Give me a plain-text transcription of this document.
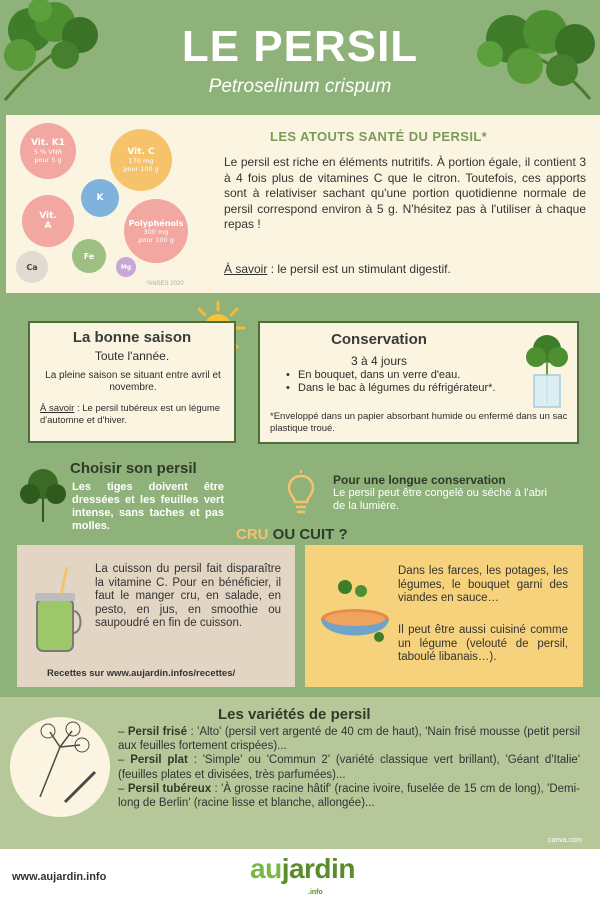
LE PERSIL
Petroselinum crispum
Vit. K1
5 % VNR pour 5 g
Vit. C
170 mg pour 100 g
K
Vit. A	Polyphénols
300 mg pour 100 g
Fe
Ca	Mg
LES ATOUTS SANTÉ DU PERSIL*
Le persil est riche en éléments nutritifs. À portion égale, il contient 3 à 4 fois plus de vitamines C que le citron. Toutefois, ces apports sont à relativiser sachant qu'une portion quotidienne normale de persil correspond environ à 5 g. N'hésitez pas à l'utiliser à chaque repas !
À savoir : le persil est un stimulant digestif.
*ANSES 2020
La bonne saison
Toute l'année.
La pleine saison se situant entre avril et novembre.
À savoir : Le persil tubéreux est un légume d'automne et d'hiver.
Conservation
3 à 4 jours
• En bouquet, dans un verre d'eau.
• Dans le bac à légumes du réfrigérateur*.
*Enveloppé dans un papier absorbant humide ou enfermé dans un sac plastique troué.
Choisir son persil
Les tiges doivent être dressées et les feuilles vert intense, sans taches et pas molles.
Pour une longue conservation
Le persil peut être congelé ou séché à l'abri de la lumière.
CRU OU CUIT ?
La cuisson du persil fait disparaître la vitamine C. Pour en bénéficier, il faut le manger cru, en salade, en pesto, en jus, en smoothie ou saupoudré en fin de cuisson.
Recettes sur www.aujardin.infos/recettes/
Dans les farces, les potages, les légumes, le bouquet garni des viandes en sauce…
Il peut être aussi cuisiné comme un légume (velouté de persil, taboulé libanais…).
Les variétés de persil

– Persil frisé : 'Alto' (persil vert argenté de 40 cm de haut), 'Nain frisé mousse (petit persil aux feuilles fortement crispées)...

– Persil plat : 'Simple' ou 'Commun 2' (variété classique vert brillant), 'Géant d'Italie' (feuilles plates et divisées, très parfumées)...

– Persil tubéreux : 'À grosse racine hâtif' (racine ivoire, fuselée de 15 cm de long), 'Demi-long de Berlin' (racine lisse et blanche, allongée)...

canva.com
www.aujardin.info	aujardin
.info
